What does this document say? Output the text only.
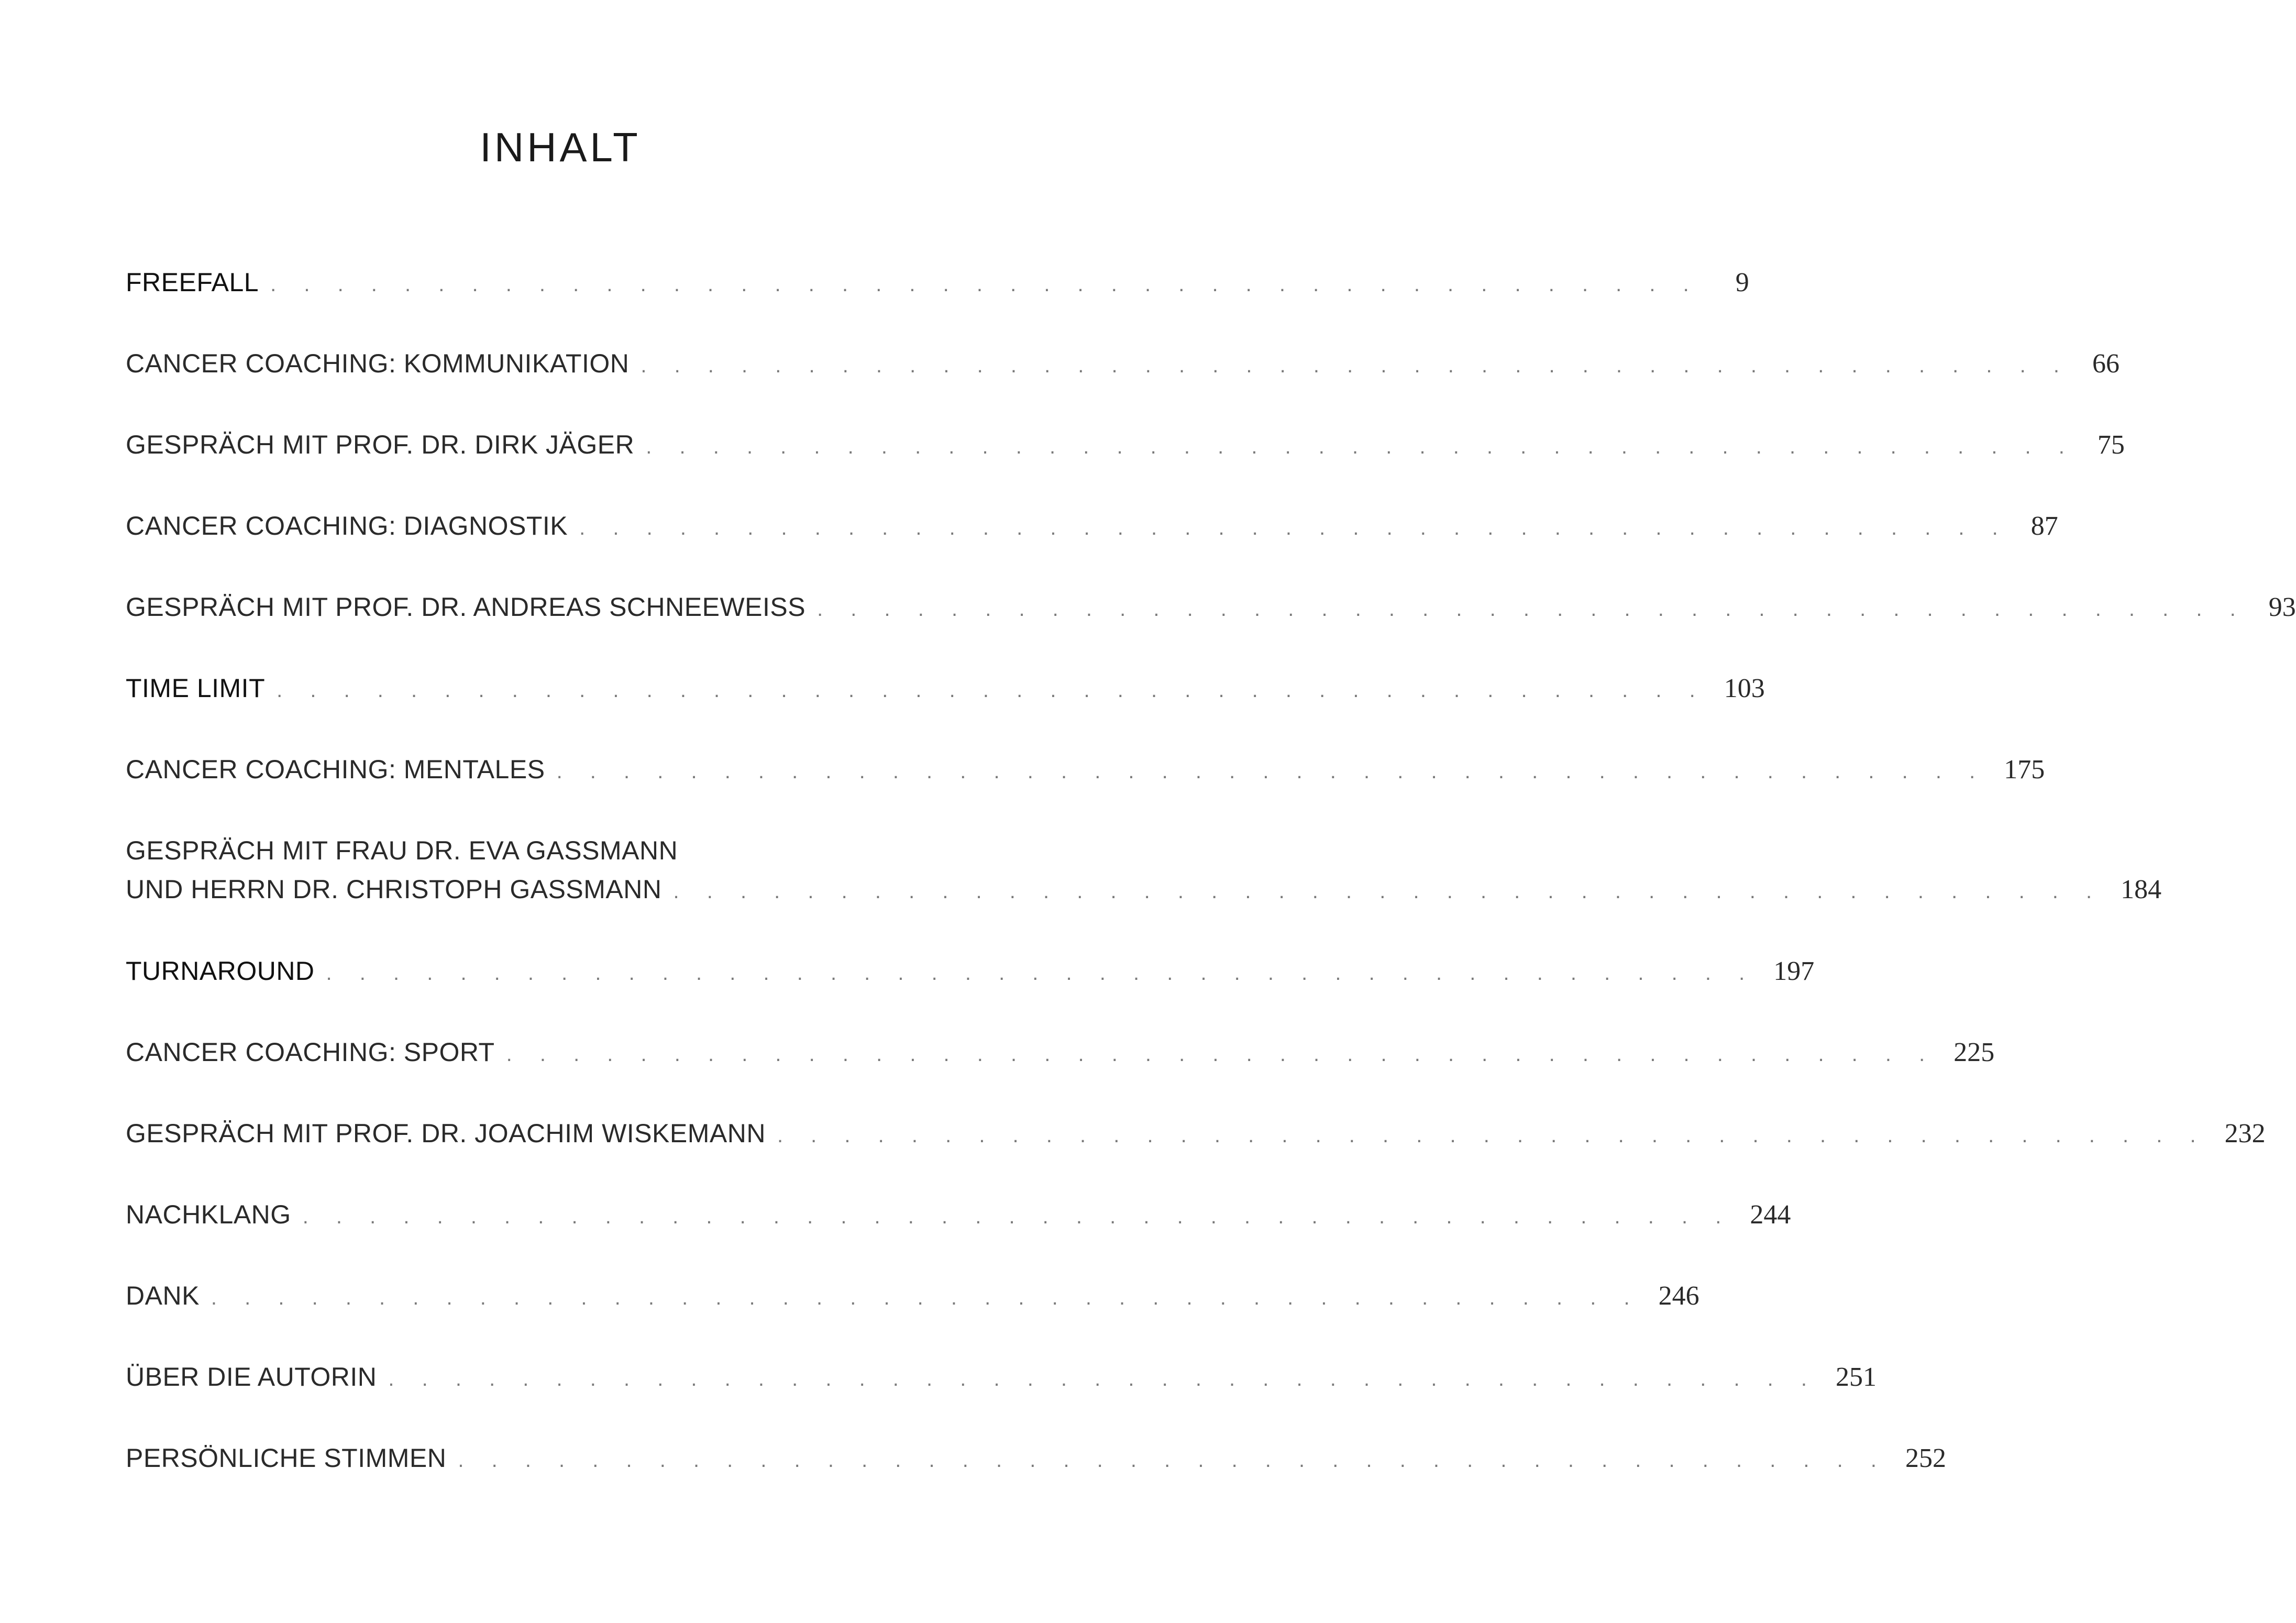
INHALT
FREEFALL . . . . . . . . . . . . . . . . . . . . . . . . . . . . . . . . . . . . . . . . . . .	9
CANCER COACHING: KOMMUNIKATION . . . . . . . . . . . . . . . . . . . . . . . . . . . . . . . . . . . . . . . . . . . 66
GESPRÄCH MIT PROF. DR. DIRK JÄGER . . . . . . . . . . . . . . . . . . . . . . . . . . . . . . . . . . . . . . . . . . . 75
CANCER COACHING: DIAGNOSTIK . . . . . . . . . . . . . . . . . . . . . . . . . . . . . . . . . . . . . . . . . . . 87
GESPRÄCH MIT PROF. DR. ANDREAS SCHNEEWEISS . . . . . . . . . . . . . . . . . . . . . . . . . . . . . . . . . . . . . . . . . . . 93
TIME LIMIT . . . . . . . . . . . . . . . . . . . . . . . . . . . . . . . . . . . . . . . . . . . 103
CANCER COACHING: MENTALES . . . . . . . . . . . . . . . . . . . . . . . . . . . . . . . . . . . . . . . . . . . 175
GESPRÄCH MIT FRAU DR. EVA GASSMANN
UND HERRN DR. CHRISTOPH GASSMANN . . . . . . . . . . . . . . . . . . . . . . . . . . . . . . . . . . . . . . . . . . . 184
TURNAROUND . . . . . . . . . . . . . . . . . . . . . . . . . . . . . . . . . . . . . . . . . . . 197
CANCER COACHING: SPORT . . . . . . . . . . . . . . . . . . . . . . . . . . . . . . . . . . . . . . . . . . . 225
GESPRÄCH MIT PROF. DR. JOACHIM WISKEMANN . . . . . . . . . . . . . . . . . . . . . . . . . . . . . . . . . . . . . . . . . . . 232
NACHKLANG . . . . . . . . . . . . . . . . . . . . . . . . . . . . . . . . . . . . . . . . . . . 244
DANK . . . . . . . . . . . . . . . . . . . . . . . . . . . . . . . . . . . . . . . . . . . 246
ÜBER DIE AUTORIN . . . . . . . . . . . . . . . . . . . . . . . . . . . . . . . . . . . . . . . . . . . 251
PERSÖNLICHE STIMMEN . . . . . . . . . . . . . . . . . . . . . . . . . . . . . . . . . . . . . . . . . . . 252
